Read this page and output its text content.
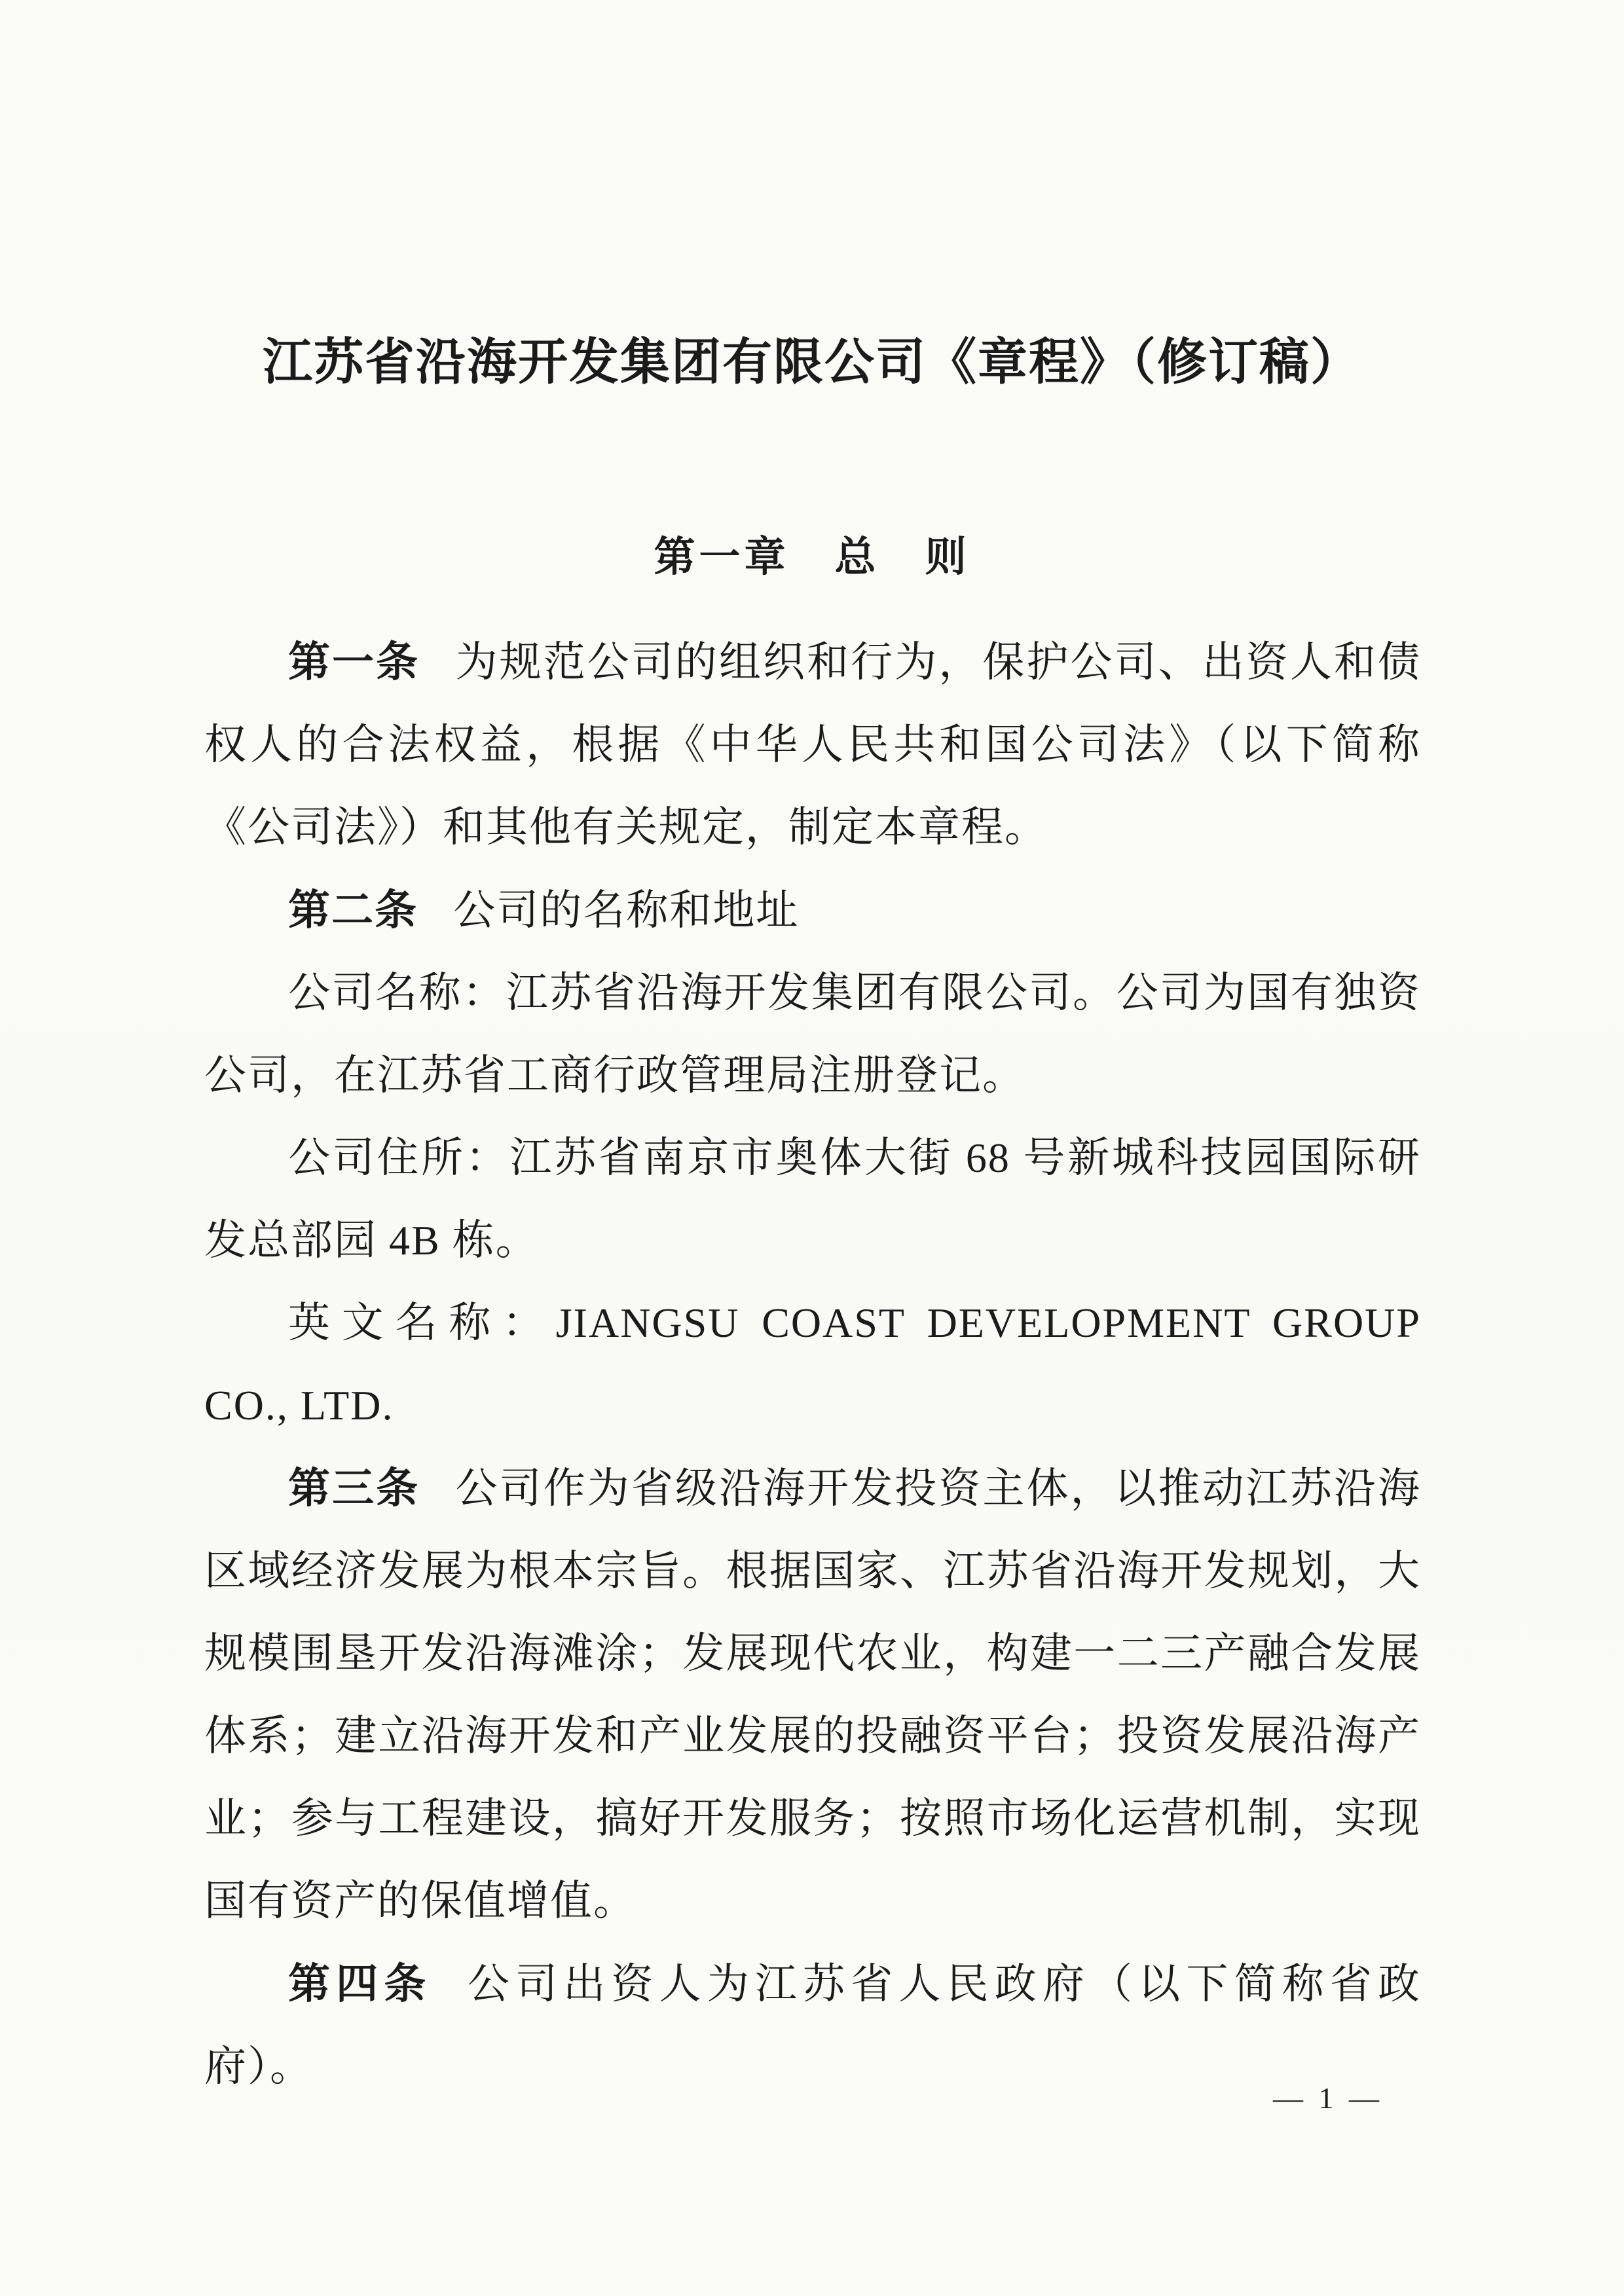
江苏省沿海开发集团有限公司《章程》（修订稿）
第一章　总　则

第一条 为规范公司的组织和行为，保护公司、出资人和债权人的合法权益，根据《中华人民共和国公司法》（以下简称《公司法》）和其他有关规定，制定本章程。

第二条 公司的名称和地址

公司名称：江苏省沿海开发集团有限公司。公司为国有独资公司，在江苏省工商行政管理局注册登记。

公司住所：江苏省南京市奥体大街 68 号新城科技园国际研发总部园 4B 栋。

英文名称：JIANGSU COAST DEVELOPMENT GROUP CO., LTD.

第三条 公司作为省级沿海开发投资主体，以推动江苏沿海区域经济发展为根本宗旨。根据国家、江苏省沿海开发规划，大规模围垦开发沿海滩涂；发展现代农业，构建一二三产融合发展体系；建立沿海开发和产业发展的投融资平台；投资发展沿海产业；参与工程建设，搞好开发服务；按照市场化运营机制，实现国有资产的保值增值。

第四条 公司出资人为江苏省人民政府（以下简称省政府）。

— 1 —
